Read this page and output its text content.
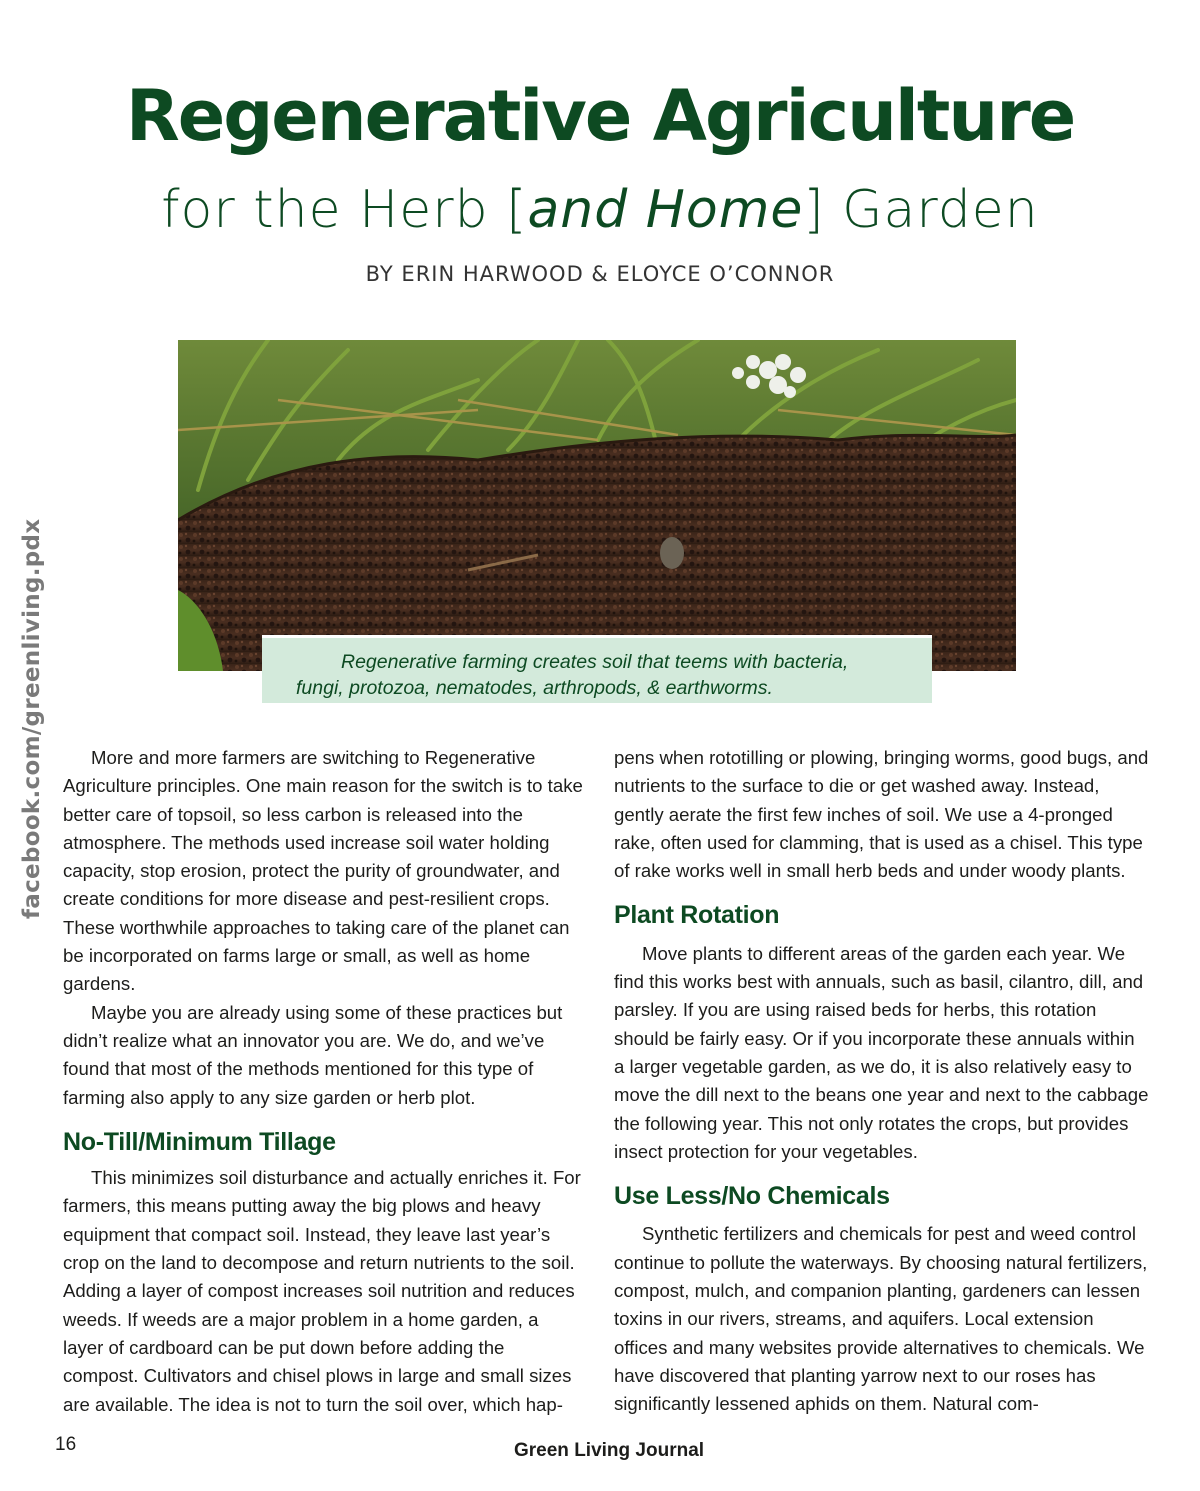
Regenerative Agriculture
for the Herb [and Home] Garden
BY ERIN HARWOOD & ELOYCE O’CONNOR
facebook.com/greenliving.pdx	Regenerative farming creates soil that teems with bacteria,
fungi, protozoa, nematodes, arthropods, & earthworms.

More and more farmers are switching to Regenerative Agriculture principles. One main reason for the switch is to take better care of topsoil, so less carbon is released into the atmosphere. The methods used increase soil water holding capacity, stop erosion, protect the purity of groundwater, and create conditions for more disease and pest-resilient crops. These worthwhile approaches to taking care of the planet can be incorporated on farms large or small, as well as home gardens.

Maybe you are already using some of these practices but didn’t realize what an innovator you are. We do, and we’ve found that most of the methods mentioned for this type of farming also apply to any size garden or herb plot.

No-Till/Minimum Tillage

This minimizes soil disturbance and actually enriches it. For farmers, this means putting away the big plows and heavy equipment that compact soil. Instead, they leave last year’s crop on the land to decompose and return nutrients to the soil. Adding a layer of compost increases soil nutrition and reduces weeds. If weeds are a major problem in a home garden, a layer of cardboard can be put down before adding the compost. Cultivators and chisel plows in large and small sizes are available. The idea is not to turn the soil over, which hap-

pens when rototilling or plowing, bringing worms, good bugs, and nutrients to the surface to die or get washed away. Instead, gently aerate the first few inches of soil. We use a 4-pronged rake, often used for clamming, that is used as a chisel. This type of rake works well in small herb beds and under woody plants.

Plant Rotation

Move plants to different areas of the garden each year. We find this works best with annuals, such as basil, cilantro, dill, and parsley. If you are using raised beds for herbs, this rotation should be fairly easy. Or if you incorporate these annuals within a larger vegetable garden, as we do, it is also relatively easy to move the dill next to the beans one year and next to the cabbage the following year. This not only rotates the crops, but provides insect protection for your vegetables.

Use Less/No Chemicals

Synthetic fertilizers and chemicals for pest and weed control continue to pollute the waterways. By choosing natural fertilizers, compost, mulch, and companion planting, gardeners can lessen toxins in our rivers, streams, and aquifers. Local extension offices and many websites provide alternatives to chemicals. We have discovered that planting yarrow next to our roses has significantly lessened aphids on them. Natural com-

16	Green Living Journal
